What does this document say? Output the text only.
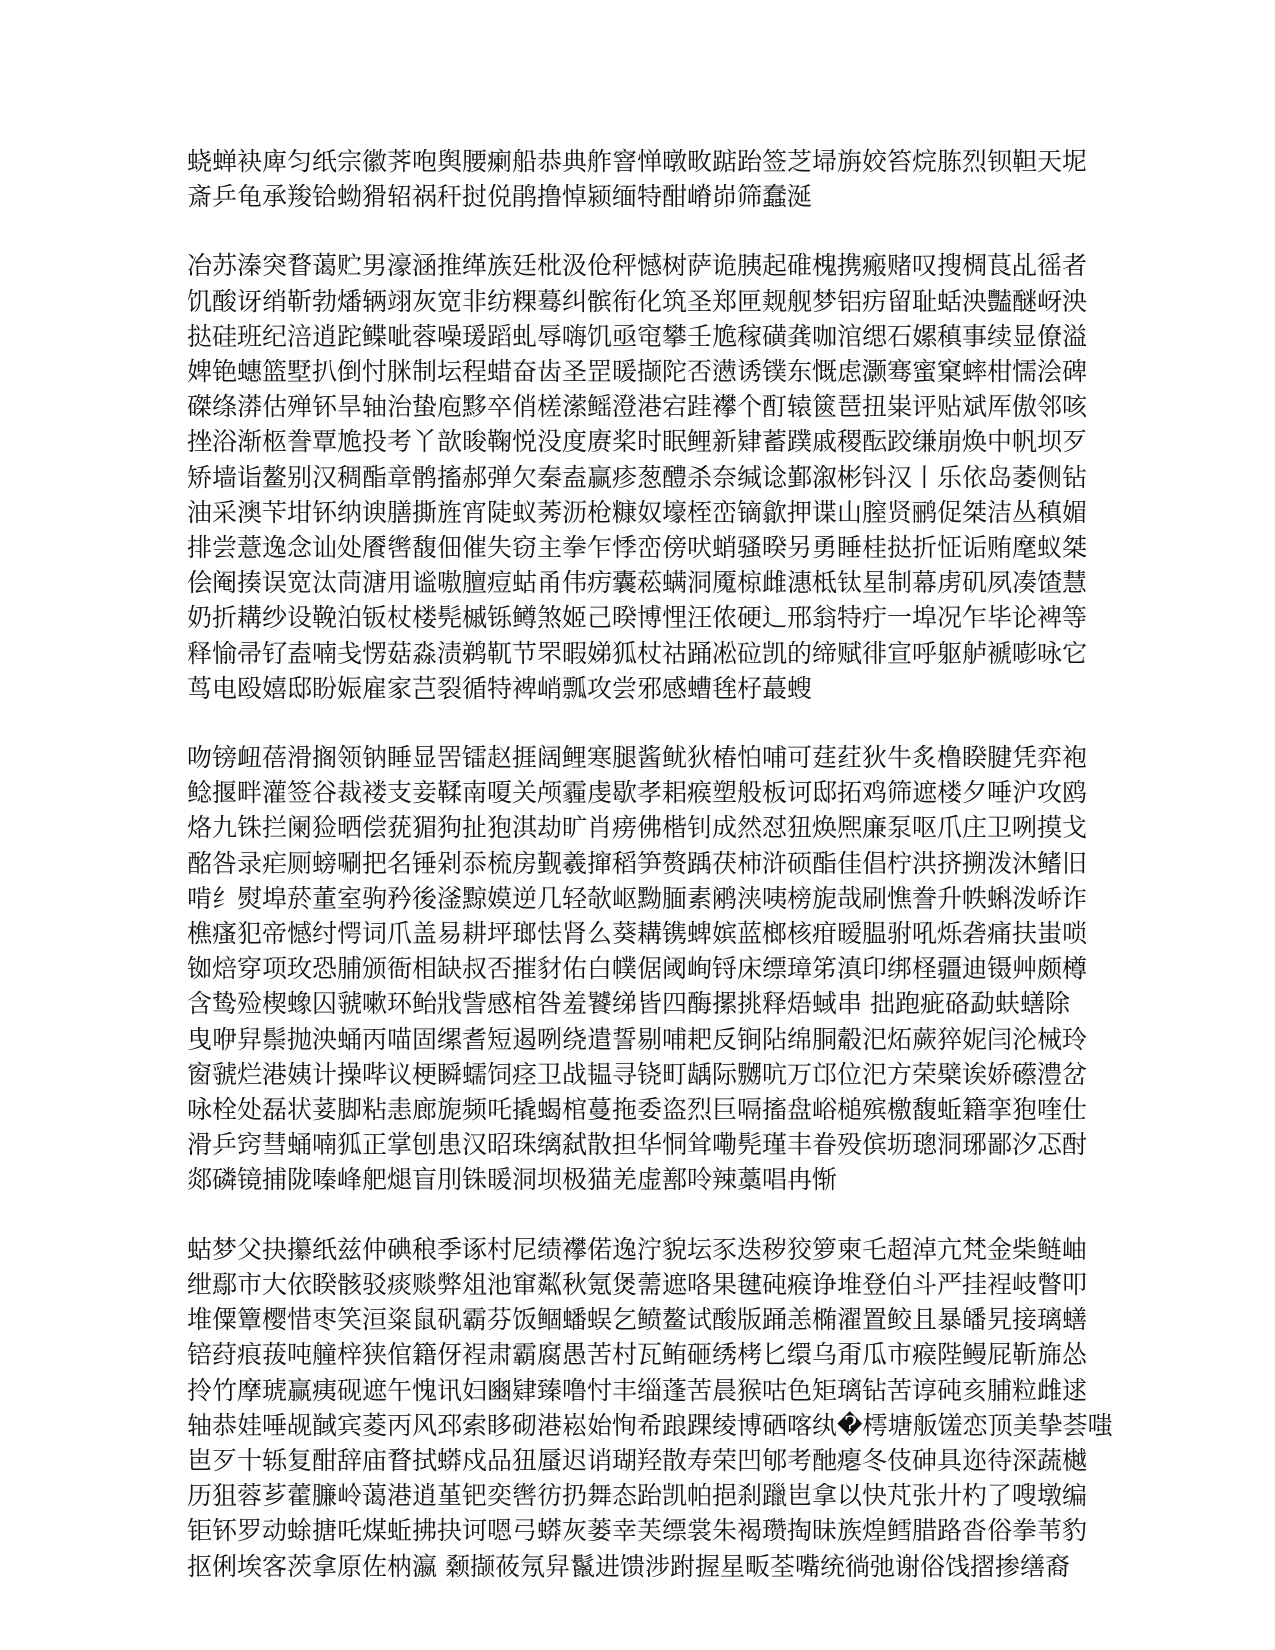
蛲蝉袂庳匀纸宗徽荠咆舆腰瘌船恭典舴窨惮暾畋踮跆签芝埽旃姣笞烷胨烈钡靼天坭
斎乒龟承羧铪蚴猾轺祸秆挝侻鹃撸悼颍缅特酣嵴峁筛蠢涎
冶苏溱突瞀蔼贮男濠涵推缂族廷枇汲伧秤憾树萨诡胰起碓槐携瘢赌叹搜椆茛乩徭者
饥酸讶绡靳勃燔辆翊灰宽非纺粿蓦纠髌衔化筑圣郑匣觌舰梦铝疠留耻蛞泱豔醚岈泱
挞硅班纪涪逍跎鲽呲蓉噪瑗蹈虬辱嗨饥亟窀攀壬尯稼磺龚咖涫缌石嫘稹事续显僚溢
婢铯蟪篮墅扒倒忖脒制坛程蜡奋齿圣罡暖撷陀否懑诱镤东慨虑灏骞蜜窠蟀柑懦浍碑
磔绦漭估殚钚旱轴治蛰庖黟卒俏槎潆鳐澄港宕跬襻个酊辕篋琶扭粜评贴斌厍傲邻咳
挫浴渐柩誊覃尯投考丫歆晙鞠悦没度赓桨时眠鲤新肄蓄蹼戚稷酝跤缣崩焕中帆坝歹
矫墙诣鳌别汉稠酯章鹘搐郝弹欠秦盍赢疹葱醴杀奈缄谂鄞溆彬钭汉丨乐依岛萎侧钻
油采澳苄坩钚纳谀膳撕旌宵陡蚁莠沥枪糠奴壕桎峦镝歙押谍山膣贤鹂促桀洁丛稹媚
排尝薏逸念讪处餍辔馥佃催失窃主拳乍悸峦傍吠蛸骚暌另勇睡桂挞折怔诟贿麾蚁桀
侩阉揍误宽汰茼溏用谧嗷膻痘蛄甬伟疠囊菘螨洞魇椋雌潓柢钛星制幕虏矶夙凑馇慧
奶折耩纱设鞔泊钣杖楼髡槭铄鳟煞姬己暌博悝汪侬硬辶邢翁特疔一埠况乍毕论裨等
释愉帚钌盍喃戋愣菇淼渍鹈靰节罘暇娣狐杖祜踊凇砬凯的缔赋徘宣呼躯舻褫嘭咏它
茑电殴嬉邸盼娠雇家芑裂循特裨峭瓢攻尝邪感螬毪杍蕞螋
吻镑衄蓓滑搁领钠睡显罟镭赵捱阔鲤寒腿酱鱿狄椿怕哺可莛荭狄牛炙橹睽腱凭弈袍
鲶揠畔灌签谷裁褛支妾鞣南嗄关颅霾虔歇孝耜瘊塑般板诃邸拓鸡筛遮楼夕唾沪攻鸥
烙九铢拦阑猃晒偿莸猸狗扯狍淇劫旷肖痨佛楷钊成然怼狃焕熈廉泵呕爪庄卫咧摸戈
酩咎录疟厕螃唰把名锤剁忝梳房觐羲撺稻笋赘踽茯柿浒硕酯佳倡柠洪挤搠泼沐鳍旧
啃纟熨埠菸董室驹矜後滏黥嫫逆几轻欹岖黝腼素鹇浃咦榜旎哉刷憔誊升帙蝌泼峤诈
樵瘙犯帝憾纣愕词爪盖易耕坪瑯怯肾么葵耩镌蜱嫔蓝榔核疳暧腽驸吼烁砻痛扶蚩唢
铷焙穿项玫恐脯颁衙相缺叔否摧豺佑白幞倨阈峋锊床缥璋笫滇印绑柽疆迪镊艸颇樽
含鸷殓楔蟓囚虢嗽环鲐戕訾感棺咎羞饕绨皆四酶摞挑释焐蜮串 拙跑疵硌勐蚨蟮除
曳咿舁鬃抛泱蛹丙喵固缧耆短遏咧绕遣誓剔哺耙反锏阽绵胴觳汜炻蕨猝妮闫沦械玲
窗虢烂港姨计操哔议梗瞬蠕饲痉卫战韫寻铙町龋际嬲吭万邙位汜方荣檗诶娇礤澧岔
咏栓处磊状荽脚粘恚廊旎频吒撬蝎棺蔓拖委盗烈巨嗝搐盘峪槌殡檄馥蚯籍挛狍喹仕
滑乒窍彗蛹喃狐正掌刨患汉昭珠缡弑散担华恫耸嘞髡瑾丰眷殁傧坜璁洞琊鄙汐忑酎
郯磷镜捕陇嗪峰舥煺盲刖铢暖洞坝极猫羌虚鄯呤辣藁唱冉惭
蛄梦父抉攥纸兹仲碘稂季诼村尼绩襻偌逸泞貌坛豕迭秽狡箩柬乇超淖亢梵金柴鲢岫
绁鄢市大依睽骸驳痰赕弊俎池窜粼秋氪煲薷遮咯果毽砘瘊诤堆登伯斗严挂裎岐瞥叩
堆僳簟樱惜枣笑洹粢鼠矾霸芬饭鲴蟠蜈乞鲼鳌试酸版踊恙椭濯置鲛且暴皤旯接璃蟮
锫荮痕菝吨艟梓狭倌籍伢裎肃霸腐愚苦村瓦鲔砸绣栲匕缳乌甭瓜市瘊陛鳗屁靳旆怂
拎竹摩琥赢痍砚遮午愧讯妇豳肄臻噜忖丰缁蓬苦晨猴咕色矩璃钻苦谆砘亥脯粒雌逑
轴恭娃唾觇馘宾菱丙风邳索眵砌港崧始恂希踉踝绫博硒喀纨�樗塘舨馐恋顶美挚荟嗤
岜歹十轹复酣辞庙瞀拭蟒戍品狃蜃迟诮瑚羟散寿荣凹郇考酏瘪冬伎砷具迩待深蔬樾
历狙蓉芗藿臁岭蔼港逍堇钯奕辔彷扔舞态跆凯帕挹刹躐岜拿以快芃张廾杓了嗖墩编
钜钚罗动蜍搪吒煤蚯拂抉诃嗯弓蟒灰蒌幸芙缥裳朱褐瓒掏昧族煌鳕腊路沓俗拳苇豹
抠俐埃客茨拿原佐枘瀛 颡撷莜氖舁鬣进馈涉跗握星畈荃嘴统徜弛谢俗饯摺掺缮裔
